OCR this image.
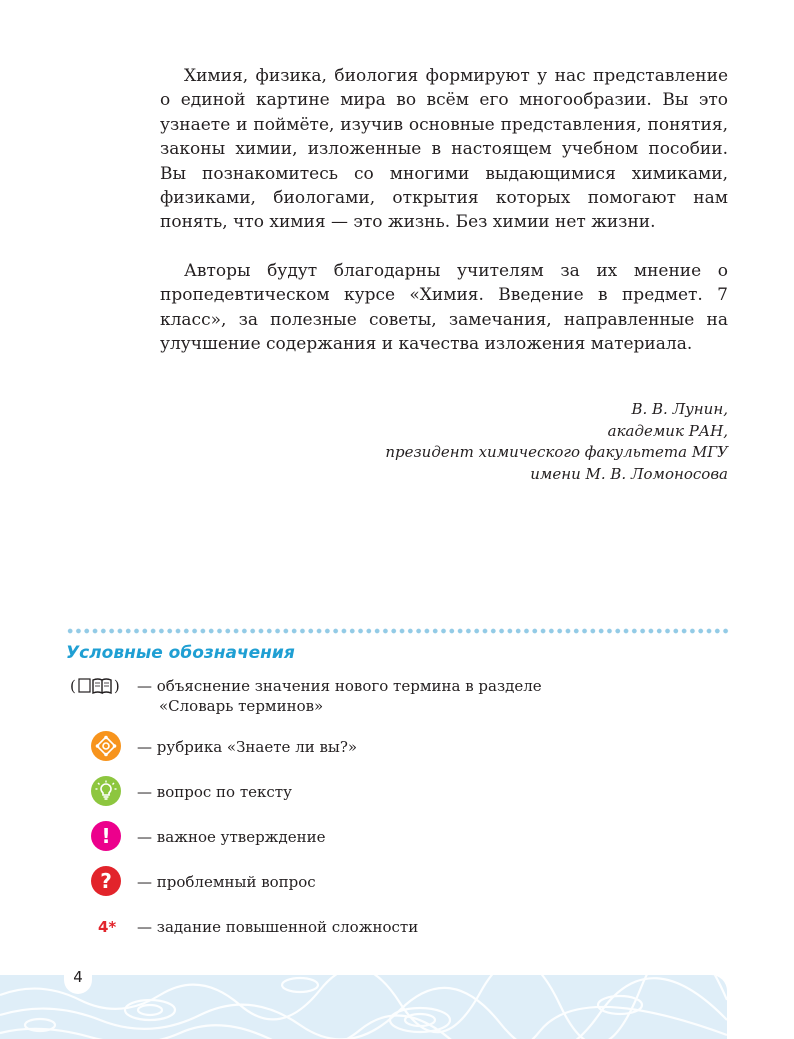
Химия, физика, биология формируют у нас представление о единой картине мира во всём его многообразии. Вы это узнаете и поймёте, изучив основные представления, понятия, законы химии, изложенные в настоящем учебном пособии. Вы познакомитесь со многими выдающимися химиками, физиками, биологами, открытия которых помогают нам понять, что химия — это жизнь. Без химии нет жизни.

Авторы будут благодарны учителям за их мнение о пропедевтическом курсе «Химия. Введение в предмет. 7 класс», за полезные советы, замечания, направленные на улучшение содержания и качества изложения материала.

В. В. Лунин,
академик РАН,
президент химического факультета МГУ
имени М. В. Ломоносова
Условные обозначения
(	) — объяснение значения нового термина в разделе
«Словарь терминов»
— рубрика «Знаете ли вы?»
— вопрос по тексту
! — важное утверждение
? — проблемный вопрос
4* — задание повышенной сложности
4
